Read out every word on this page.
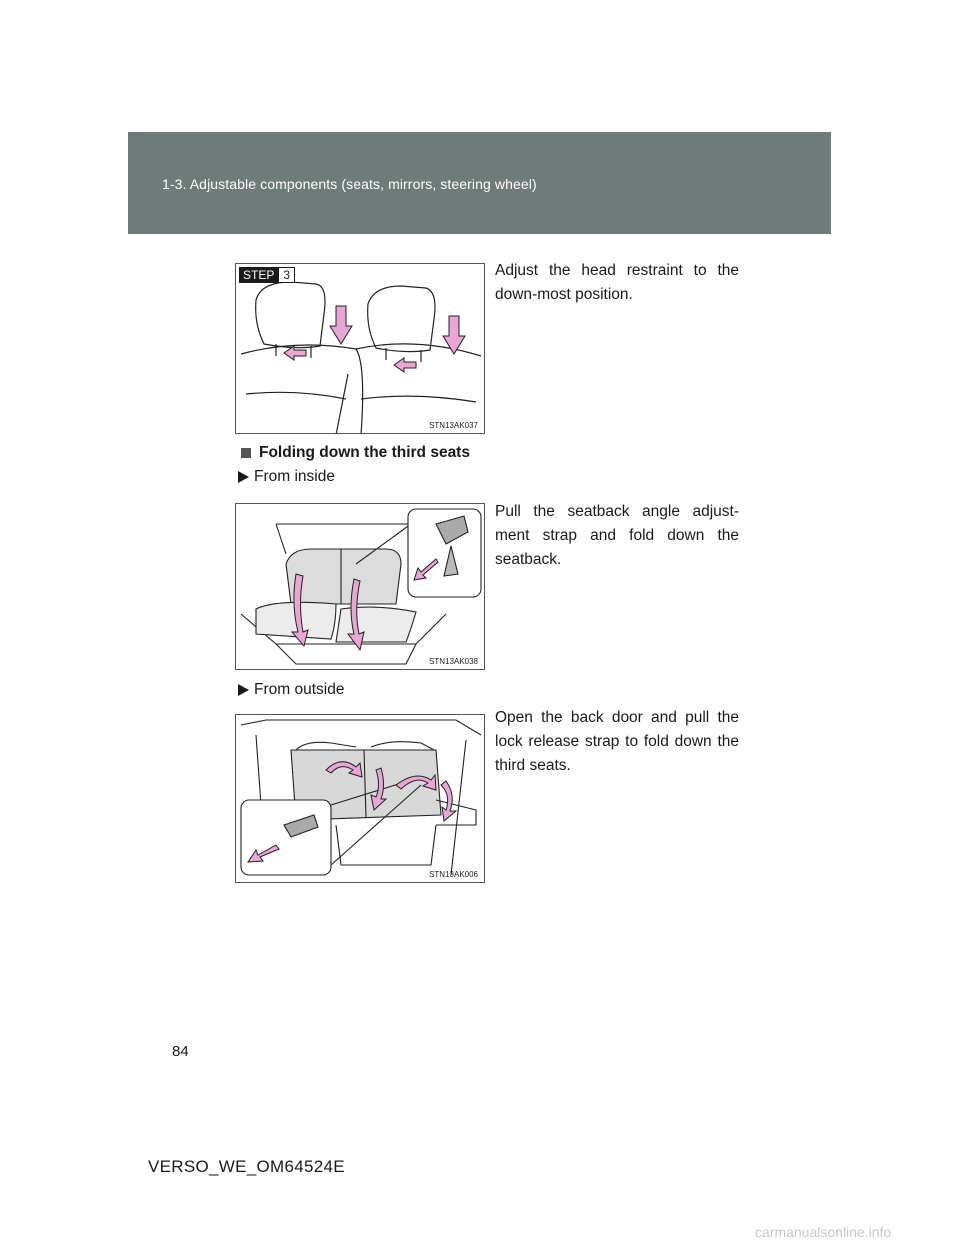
1-3. Adjustable components (seats, mirrors, steering wheel)
STEP 3
STN13AK037
Adjust the head restraint to the down-most position.
Folding down the third seats
From inside
Pull the seatback angle adjust-ment strap and fold down the seatback.
STN13AK038
From outside
Open the back door and pull the lock release strap to fold down the third seats.
STN13AK006
84
VERSO_WE_OM64524E
carmanualsonline.info
